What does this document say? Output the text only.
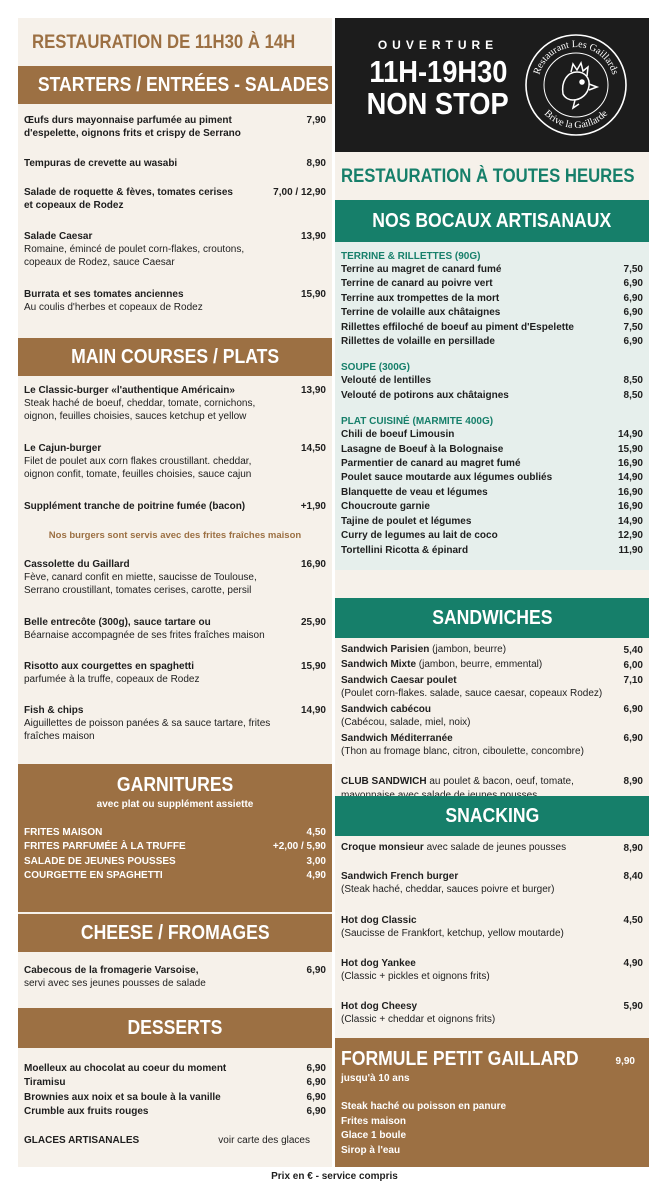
RESTAURATION DE 11H30 À 14H
STARTERS / ENTRÉES - SALADES
Œufs durs mayonnaise parfumée au piment d'espelette, oignons frits et crispy de Serrano
7,90
Tempuras de crevette au wasabi	8,90
Salade de roquette & fèves, tomates cerises et copeaux de Rodez
7,00 / 12,90
Salade Caesar
Romaine, émincé de poulet corn-flakes, croutons, copeaux de Rodez, sauce Caesar
13,90
Burrata et ses tomates anciennes
Au coulis d'herbes et copeaux de Rodez
15,90
MAIN COURSES / PLATS
Le Classic-burger «l'authentique Américain»
Steak haché de boeuf, cheddar, tomate, cornichons, oignon, feuilles choisies, sauces ketchup et yellow
13,90
Le Cajun-burger
Filet de poulet aux corn flakes croustillant. cheddar, oignon confit, tomate, feuilles choisies, sauce cajun
14,50
Supplément tranche de poitrine fumée (bacon)	+1,90
Nos burgers sont servis avec des frites fraîches maison
Cassolette du Gaillard
Fève, canard confit en miette, saucisse de Toulouse, Serrano croustillant, tomates cerises, carotte, persil
16,90
Belle entrecôte (300g), sauce tartare ou
Béarnaise accompagnée de ses frites fraîches maison
25,90
Risotto aux courgettes en spaghetti
parfumée à la truffe, copeaux de Rodez
15,90
Fish & chips
Aiguillettes de poisson panées & sa sauce tartare, frites fraîches maison
14,90
GARNITURES
avec plat ou supplément assiette
FRITES MAISON	4,50
FRITES PARFUMÉE À LA TRUFFE	+2,00 / 5,90
SALADE DE JEUNES POUSSES	3,00
COURGETTE EN SPAGHETTI	4,90
CHEESE / FROMAGES
Cabecous de la fromagerie Varsoise,
servi avec ses jeunes pousses de salade
6,90
DESSERTS
Moelleux au chocolat au coeur du moment	6,90
Tiramisu	6,90
Brownies aux noix et sa boule à la vanille	6,90
Crumble aux fruits rouges	6,90
GLACES ARTISANALES	voir carte des glaces
OUVERTURE
11H-19H30
NON STOP
Restaurant Les Gaillards
Brive la Gaillarde
RESTAURATION À TOUTES HEURES
NOS BOCAUX ARTISANAUX
TERRINE & RILLETTES (90G)
Terrine au magret de canard fumé	7,50
Terrine de canard au poivre vert	6,90
Terrine aux trompettes de la mort	6,90
Terrine de volaille aux châtaignes	6,90
Rillettes effiloché de boeuf au piment d'Espelette	7,50
Rillettes de volaille en persillade	6,90
SOUPE (300G)
Velouté de lentilles	8,50
Velouté de potirons aux châtaignes	8,50
PLAT CUISINÉ (MARMITE 400G)
Chili de boeuf Limousin	14,90
Lasagne de Boeuf à la Bolognaise	15,90
Parmentier de canard au magret fumé	16,90
Poulet sauce moutarde aux légumes oubliés	14,90
Blanquette de veau et légumes	16,90
Choucroute garnie	16,90
Tajine de poulet et légumes	14,90
Curry de legumes au lait de coco	12,90
Tortellini Ricotta & épinard	11,90
SANDWICHES
Sandwich Parisien (jambon, beurre)	5,40
Sandwich Mixte (jambon, beurre, emmental)	6,00
Sandwich Caesar poulet
(Poulet corn-flakes. salade, sauce caesar, copeaux Rodez)
7,10
Sandwich cabécou
(Cabécou, salade, miel, noix)
6,90
Sandwich Méditerranée
(Thon au fromage blanc, citron, ciboulette, concombre)
6,90
CLUB SANDWICH au poulet & bacon, oeuf, tomate,	8,90
SNACKING
Croque monsieur avec salade de jeunes pousses	8,90
Sandwich French burger
(Steak haché, cheddar, sauces poivre et burger)
8,40
Hot dog Classic
(Saucisse de Frankfort, ketchup, yellow moutarde)
4,50
Hot dog Yankee
(Classic + pickles et oignons frits)
4,90
Hot dog Cheesy
(Classic + cheddar et oignons frits)
5,90
FORMULE PETIT GAILLARD	9,90
jusqu'à 10 ans
Steak haché ou poisson en panure
Frites maison
Glace 1 boule
Sirop à l'eau
Prix en € - service compris
